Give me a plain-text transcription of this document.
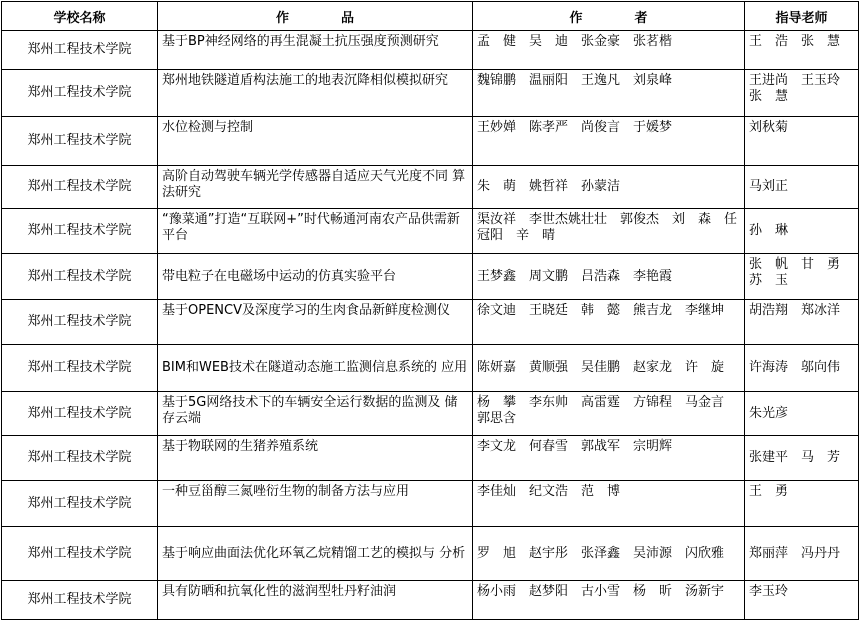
学校名称	作　　　　品	作　　　　者	指导老师
郑州工程技术学院	基于BP神经网络的再生混凝土抗压强度预测研究	孟　健　吴　迪　张金豪　张茗楷	王　浩　张　慧
郑州工程技术学院	郑州地铁隧道盾构法施工的地表沉降相似模拟研究	魏锦鹏　温丽阳　王逸凡　刘泉峰	王进尚　王玉玲　张　慧
郑州工程技术学院	水位检测与控制	王妙婵　陈孝严　尚俊言　于媛梦	刘秋菊
郑州工程技术学院	高阶自动驾驶车辆光学传感器自适应天气光度不同 算法研究	朱　萌　姚哲祥　孙蒙洁	马刘正
郑州工程技术学院	“豫菜通”打造“互联网+”时代畅通河南农产品供需新平台	渠汝祥　李世杰姚壮壮　郭俊杰　刘　森　任冠阳　辛　晴	孙　琳
郑州工程技术学院	带电粒子在电磁场中运动的仿真实验平台	王梦鑫　周文鹏　吕浩森　李艳霞	张　帆　甘　勇　苏　玉
郑州工程技术学院	基于OPENCV及深度学习的生肉食品新鲜度检测仪	徐文迪　王晓廷　韩　懿　熊吉龙　李继坤	胡浩翔　郑冰洋
郑州工程技术学院	BIM和WEB技术在隧道动态施工监测信息系统的 应用	陈妍嘉　黄顺强　吴佳鹏　赵家龙　许　旋	许海涛　邬向伟
郑州工程技术学院	基于5G网络技术下的车辆安全运行数据的监测及 储存云端	杨　攀　李东帅　高雷霆　方锦程　马金言　郭思含	朱光彦
郑州工程技术学院	基于物联网的生猪养殖系统	李文龙　何春雪　郭战军　宗明辉	张建平　马　芳
郑州工程技术学院	一种豆甾醇三氮唑衍生物的制备方法与应用	李佳灿　纪文浩　范　博	王　勇
郑州工程技术学院	基于响应曲面法优化环氧乙烷精馏工艺的模拟与 分析	罗　旭　赵宇彤　张泽鑫　吴沛源　闪欣雅	郑丽萍　冯丹丹
郑州工程技术学院	具有防晒和抗氧化性的滋润型牡丹籽油润	杨小雨　赵梦阳　古小雪　杨　昕　汤新宇	李玉玲
